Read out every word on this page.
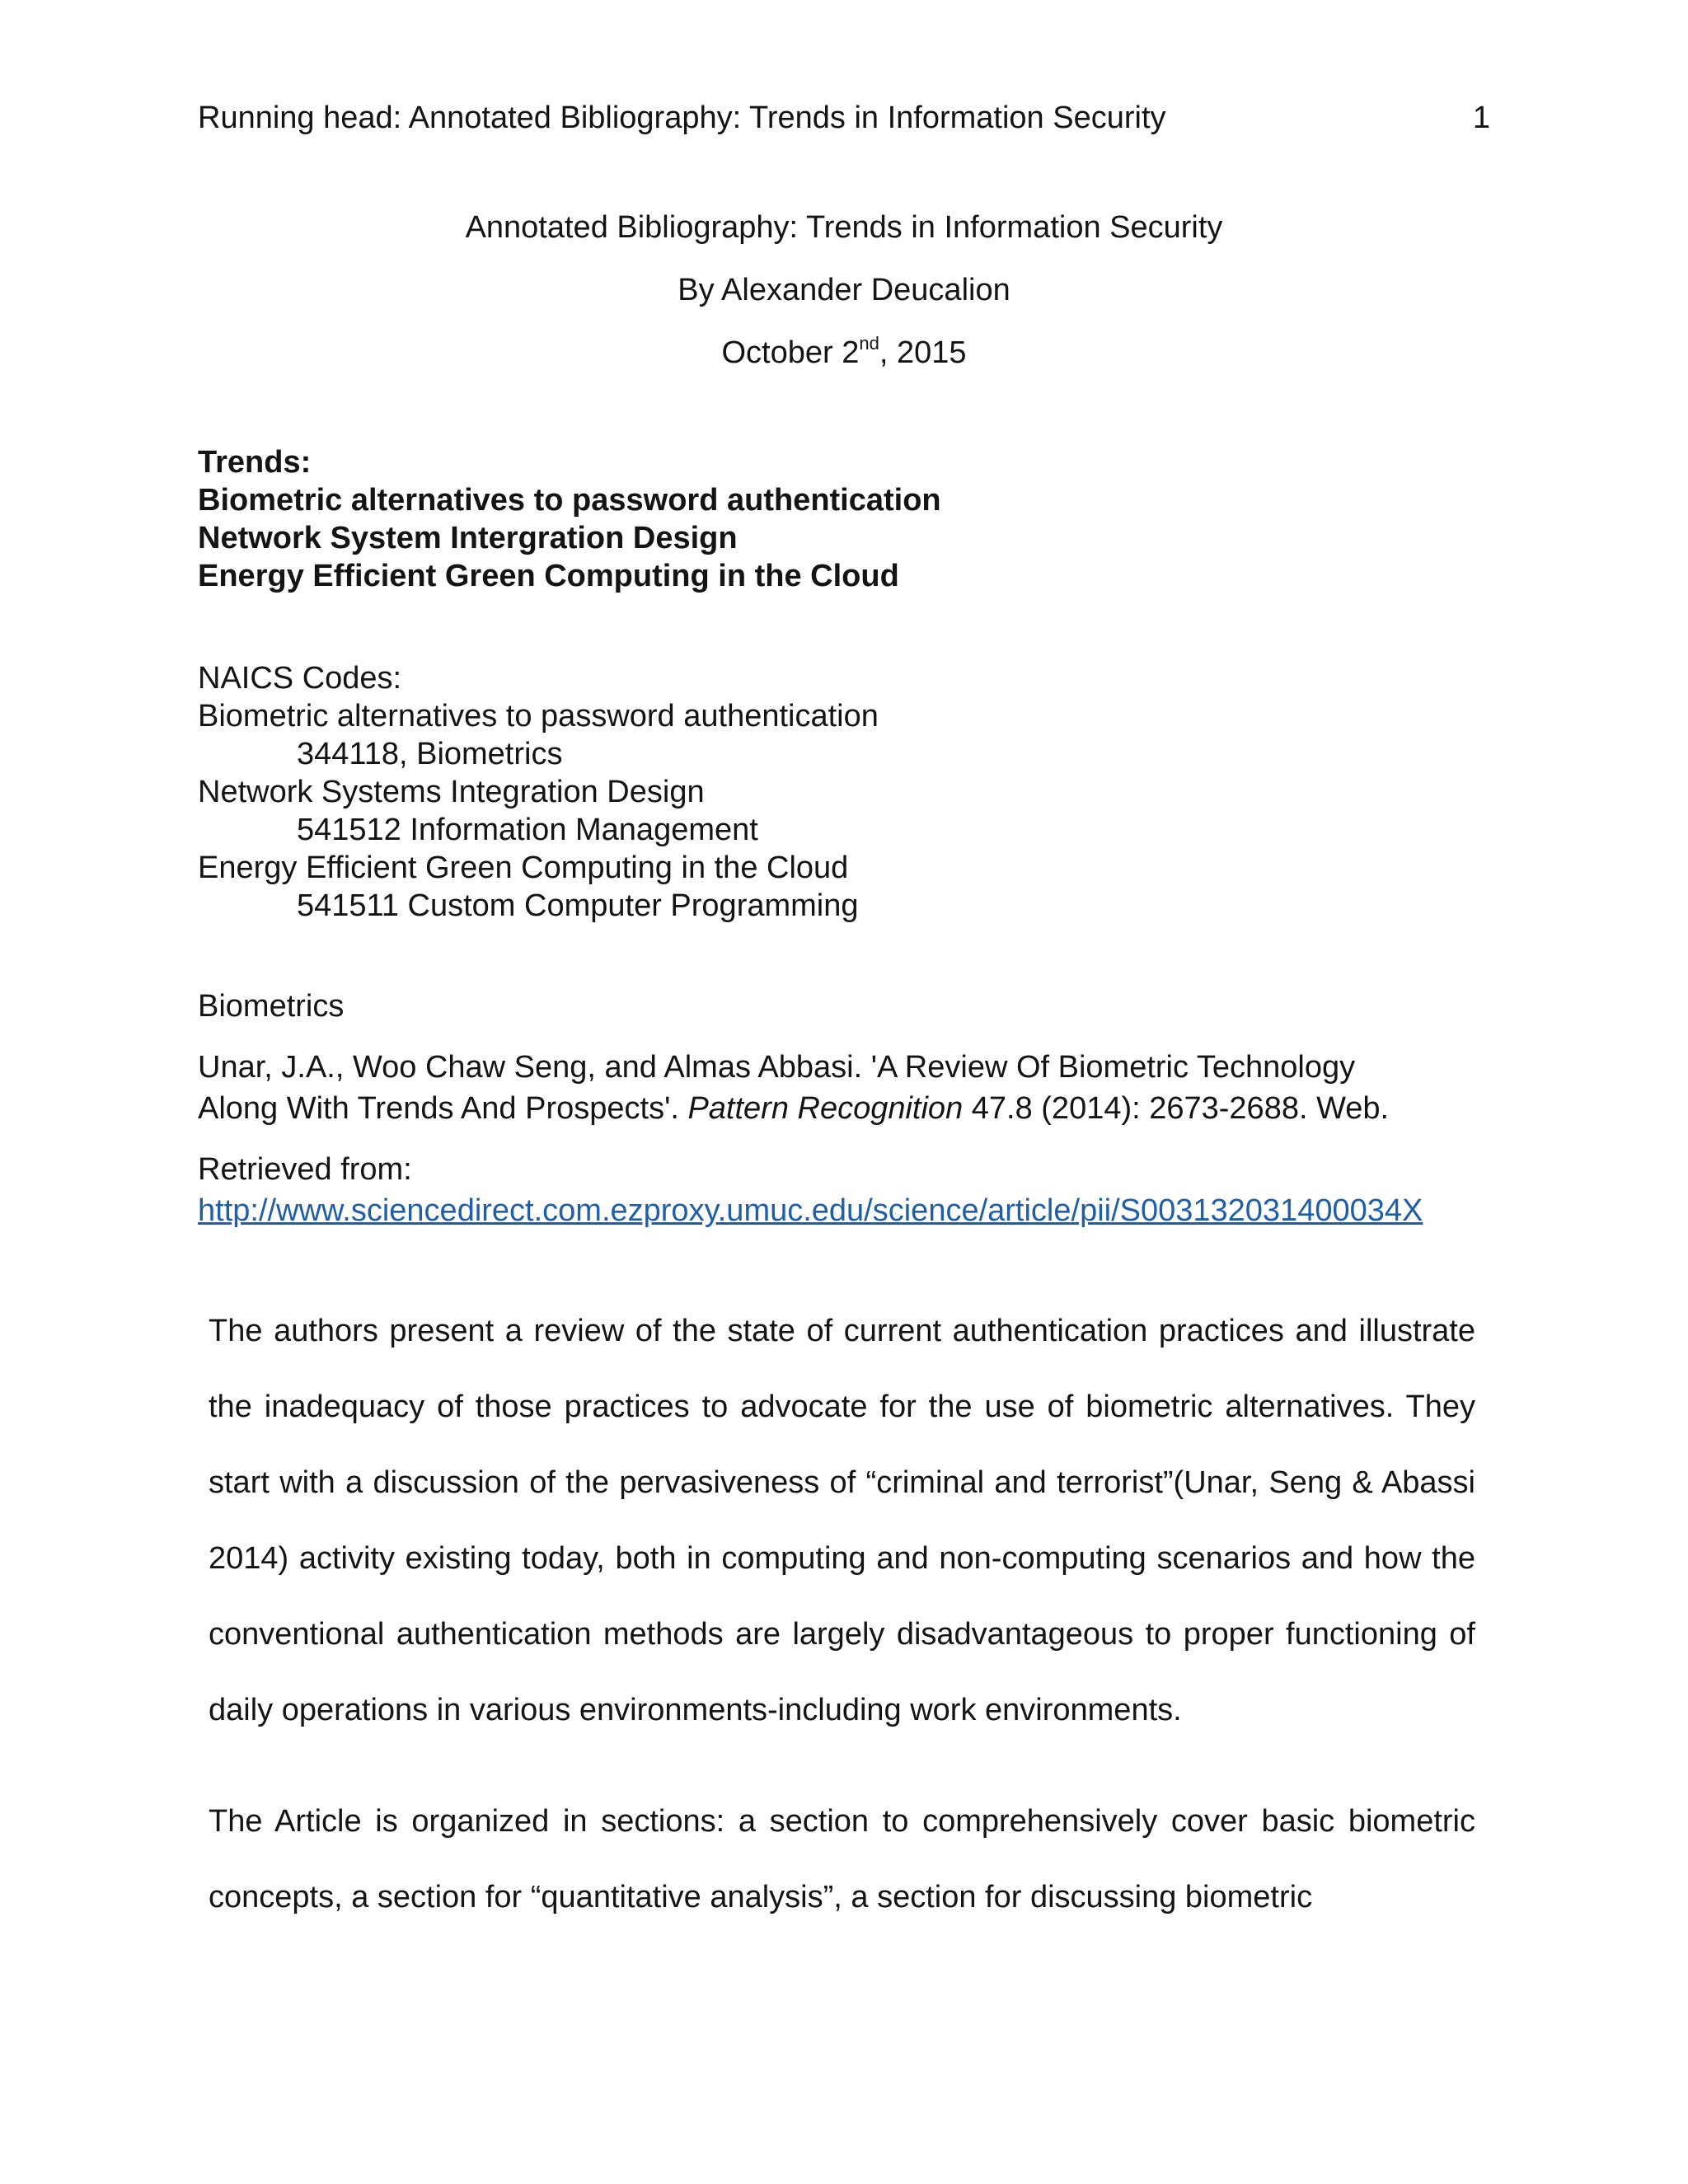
Running head: Annotated Bibliography: Trends in Information Security	1
Annotated Bibliography: Trends in Information Security
By Alexander Deucalion
October 2nd, 2015
Trends:
Biometric alternatives to password authentication
Network System Intergration Design
Energy Efficient Green Computing in the Cloud
NAICS Codes:
Biometric alternatives to password authentication
344118, Biometrics
Network Systems Integration Design
541512 Information Management
Energy Efficient Green Computing in the Cloud
541511 Custom Computer Programming
Biometrics
Unar, J.A., Woo Chaw Seng, and Almas Abbasi. 'A Review Of Biometric Technology
Along With Trends And Prospects'. Pattern Recognition 47.8 (2014): 2673-2688. Web.
Retrieved from:
http://www.sciencedirect.com.ezproxy.umuc.edu/science/article/pii/S003132031400034X
The authors present a review of the state of current authentication practices and illustrate the inadequacy of those practices to advocate for the use of biometric alternatives. They start with a discussion of the pervasiveness of “criminal and terrorist”(Unar, Seng & Abassi 2014) activity existing today, both in computing and non-computing scenarios and how the conventional authentication methods are largely disadvantageous to proper functioning of daily operations in various environments-including work environments.
The Article is organized in sections: a section to comprehensively cover basic biometric concepts, a section for “quantitative analysis”, a section for discussing biometric
